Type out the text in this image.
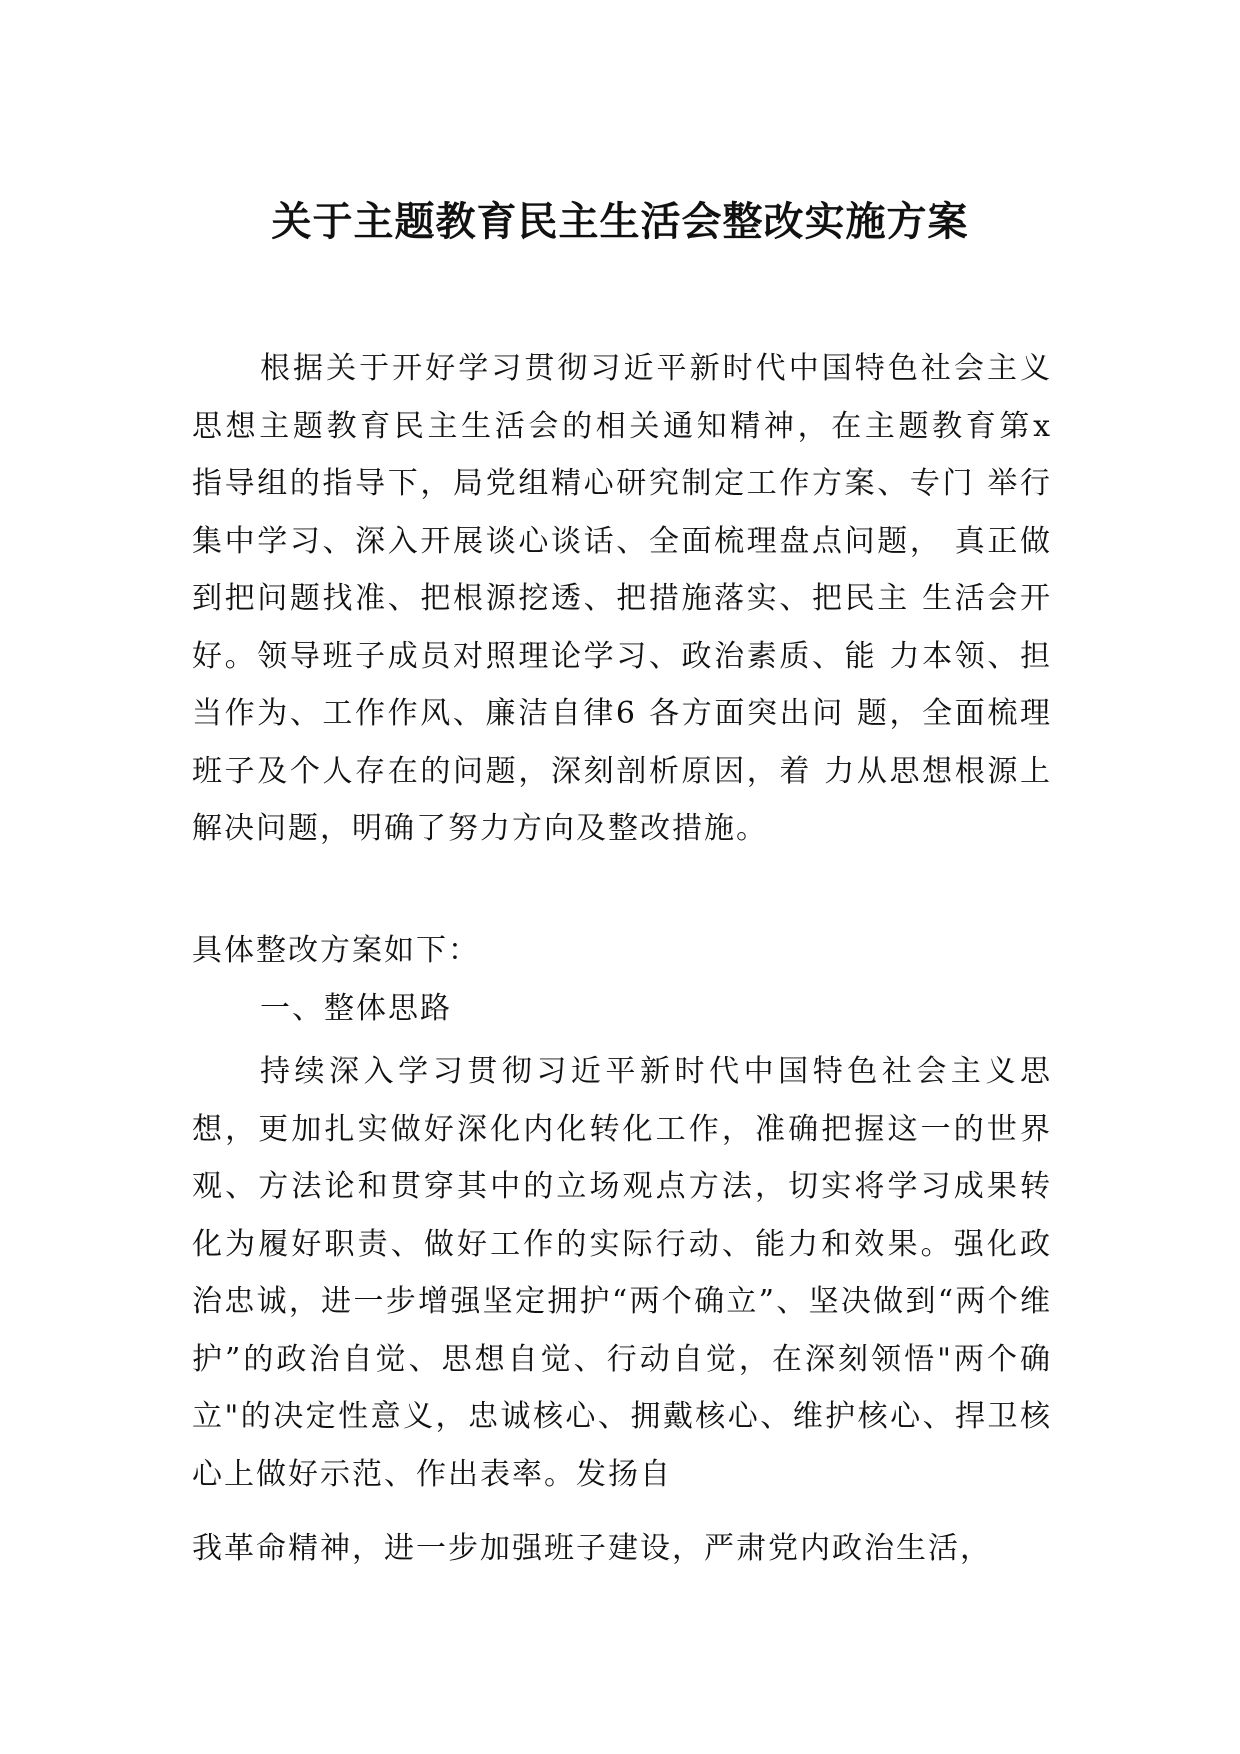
关于主题教育民主生活会整改实施方案

根据关于开好学习贯彻习近平新时代中国特色社会主义思想主题教育民主生活会的相关通知精神，在主题教育第x 指导组的指导下，局党组精心研究制定工作方案、专门 举行集中学习、深入开展谈心谈话、全面梳理盘点问题， 真正做到把问题找准、把根源挖透、把措施落实、把民主 生活会开好。领导班子成员对照理论学习、政治素质、能 力本领、担当作为、工作作风、廉洁自律6 各方面突出问 题，全面梳理班子及个人存在的问题，深刻剖析原因，着 力从思想根源上解决问题，明确了努力方向及整改措施。

具体整改方案如下：

一、整体思路

持续深入学习贯彻习近平新时代中国特色社会主义思想，更加扎实做好深化内化转化工作，准确把握这一的世界观、方法论和贯穿其中的立场观点方法，切实将学习成果转化为履好职责、做好工作的实际行动、能力和效果。强化政治忠诚，进一步增强坚定拥护“两个确立”、坚决做到“两个维护”的政治自觉、思想自觉、行动自觉，在深刻领悟"两个确立"的决定性意义，忠诚核心、拥戴核心、维护核心、捍卫核心上做好示范、作出表率。发扬自

我革命精神，进一步加强班子建设，严肃党内政治生活，
